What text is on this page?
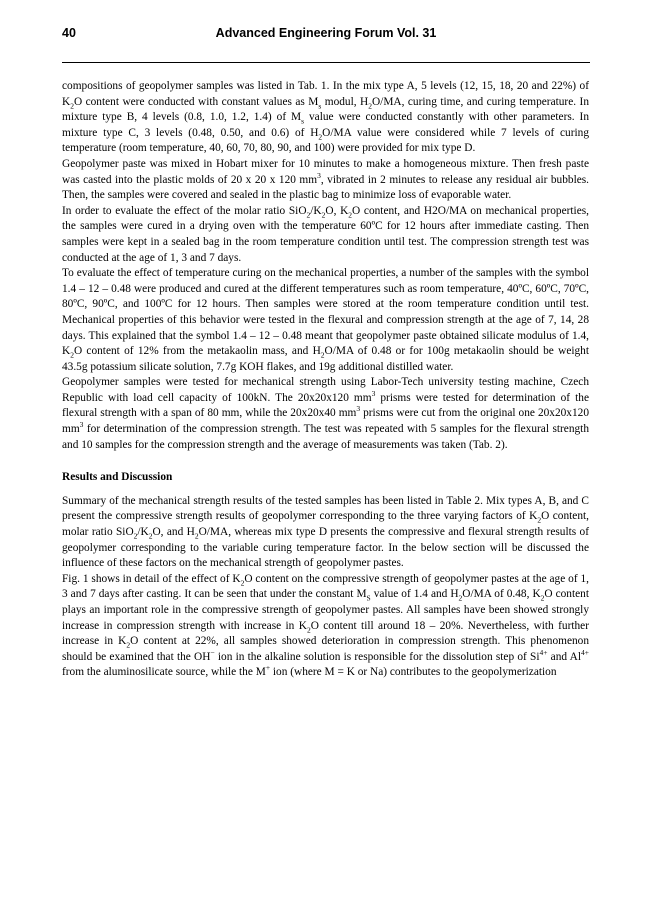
40	Advanced Engineering Forum Vol. 31

compositions of geopolymer samples was listed in Tab. 1. In the mix type A, 5 levels (12, 15, 18, 20 and 22%) of $K_2O$ content were conducted with constant values as $M_s$ modul, $H_2O/MA$, curing time, and curing temperature. In mixture type B, 4 levels (0.8, 1.0, 1.2, 1.4) of $M_s$ value were conducted constantly with other parameters. In mixture type C, 3 levels (0.48, 0.50, and 0.6) of $H_2O/MA$ value were considered while 7 levels of curing temperature (room temperature, 40, 60, 70, 80, 90, and 100) were provided for mix type D.

Geopolymer paste was mixed in Hobart mixer for 10 minutes to make a homogeneous mixture. Then fresh paste was casted into the plastic molds of 20 x 20 x 120 $mm^3$, vibrated in 2 minutes to release any residual air bubbles. Then, the samples were covered and sealed in the plastic bag to minimize loss of evaporable water.

In order to evaluate the effect of the molar ratio $SiO_2/K_2O$, $K_2O$ content, and H2O/MA on mechanical properties, the samples were cured in a drying oven with the temperature 60ºC for 12 hours after immediate casting. Then samples were kept in a sealed bag in the room temperature condition until test. The compression strength test was conducted at the age of 1, 3 and 7 days.

To evaluate the effect of temperature curing on the mechanical properties, a number of the samples with the symbol 1.4 – 12 – 0.48 were produced and cured at the different temperatures such as room temperature, 40ºC, 60ºC, 70ºC, 80ºC, 90ºC, and 100ºC for 12 hours. Then samples were stored at the room temperature condition until test. Mechanical properties of this behavior were tested in the flexural and compression strength at the age of 7, 14, 28 days. This explained that the symbol 1.4 – 12 – 0.48 meant that geopolymer paste obtained silicate modulus of 1.4, $K_2O$ content of 12% from the metakaolin mass, and $H_2O/MA$ of 0.48 or for 100g metakaolin should be weight 43.5g potassium silicate solution, 7.7g KOH flakes, and 19g additional distilled water.

Geopolymer samples were tested for mechanical strength using Labor-Tech university testing machine, Czech Republic with load cell capacity of 100kN. The 20x20x120 $mm^3$ prisms were tested for determination of the flexural strength with a span of 80 mm, while the 20x20x40 $mm^3$ prisms were cut from the original one 20x20x120 $mm^3$ for determination of the compression strength. The test was repeated with 5 samples for the flexural strength and 10 samples for the compression strength and the average of measurements was taken (Tab. 2).

Results and Discussion

Summary of the mechanical strength results of the tested samples has been listed in Table 2. Mix types A, B, and C present the compressive strength results of geopolymer corresponding to the three varying factors of $K_2O$ content, molar ratio $SiO_2/K_2O$, and $H_2O/MA$, whereas mix type D presents the compressive and flexural strength results of geopolymer corresponding to the variable curing temperature factor. In the below section will be discussed the influence of these factors on the mechanical strength of geopolymer pastes.

Fig. 1 shows in detail of the effect of $K_2O$ content on the compressive strength of geopolymer pastes at the age of 1, 3 and 7 days after casting. It can be seen that under the constant $M_S$ value of 1.4 and $H_2O/MA$ of 0.48, $K_2O$ content plays an important role in the compressive strength of geopolymer pastes. All samples have been showed strongly increase in compression strength with increase in $K_2O$ content till around 18 – 20%. Nevertheless, with further increase in $K_2O$ content at 22%, all samples showed deterioration in compression strength. This phenomenon should be examined that the OH− ion in the alkaline solution is responsible for the dissolution step of $Si^{4+}$ and $Al^{4+}$ from the aluminosilicate source, while the M+ ion (where M = K or Na) contributes to the geopolymerization
